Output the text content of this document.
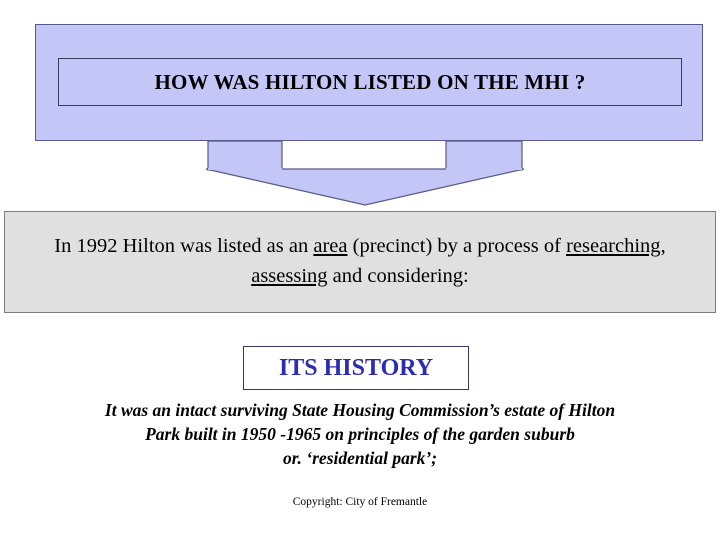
HOW WAS HILTON LISTED ON THE MHI ?
In 1992 Hilton was listed as an area (precinct) by a process of researching, assessing and considering:
ITS HISTORY
It was an intact surviving State Housing Commission’s estate of Hilton
Park built in 1950 -1965 on principles of the garden suburb
or. ‘residential park’;
Copyright: City of Fremantle
